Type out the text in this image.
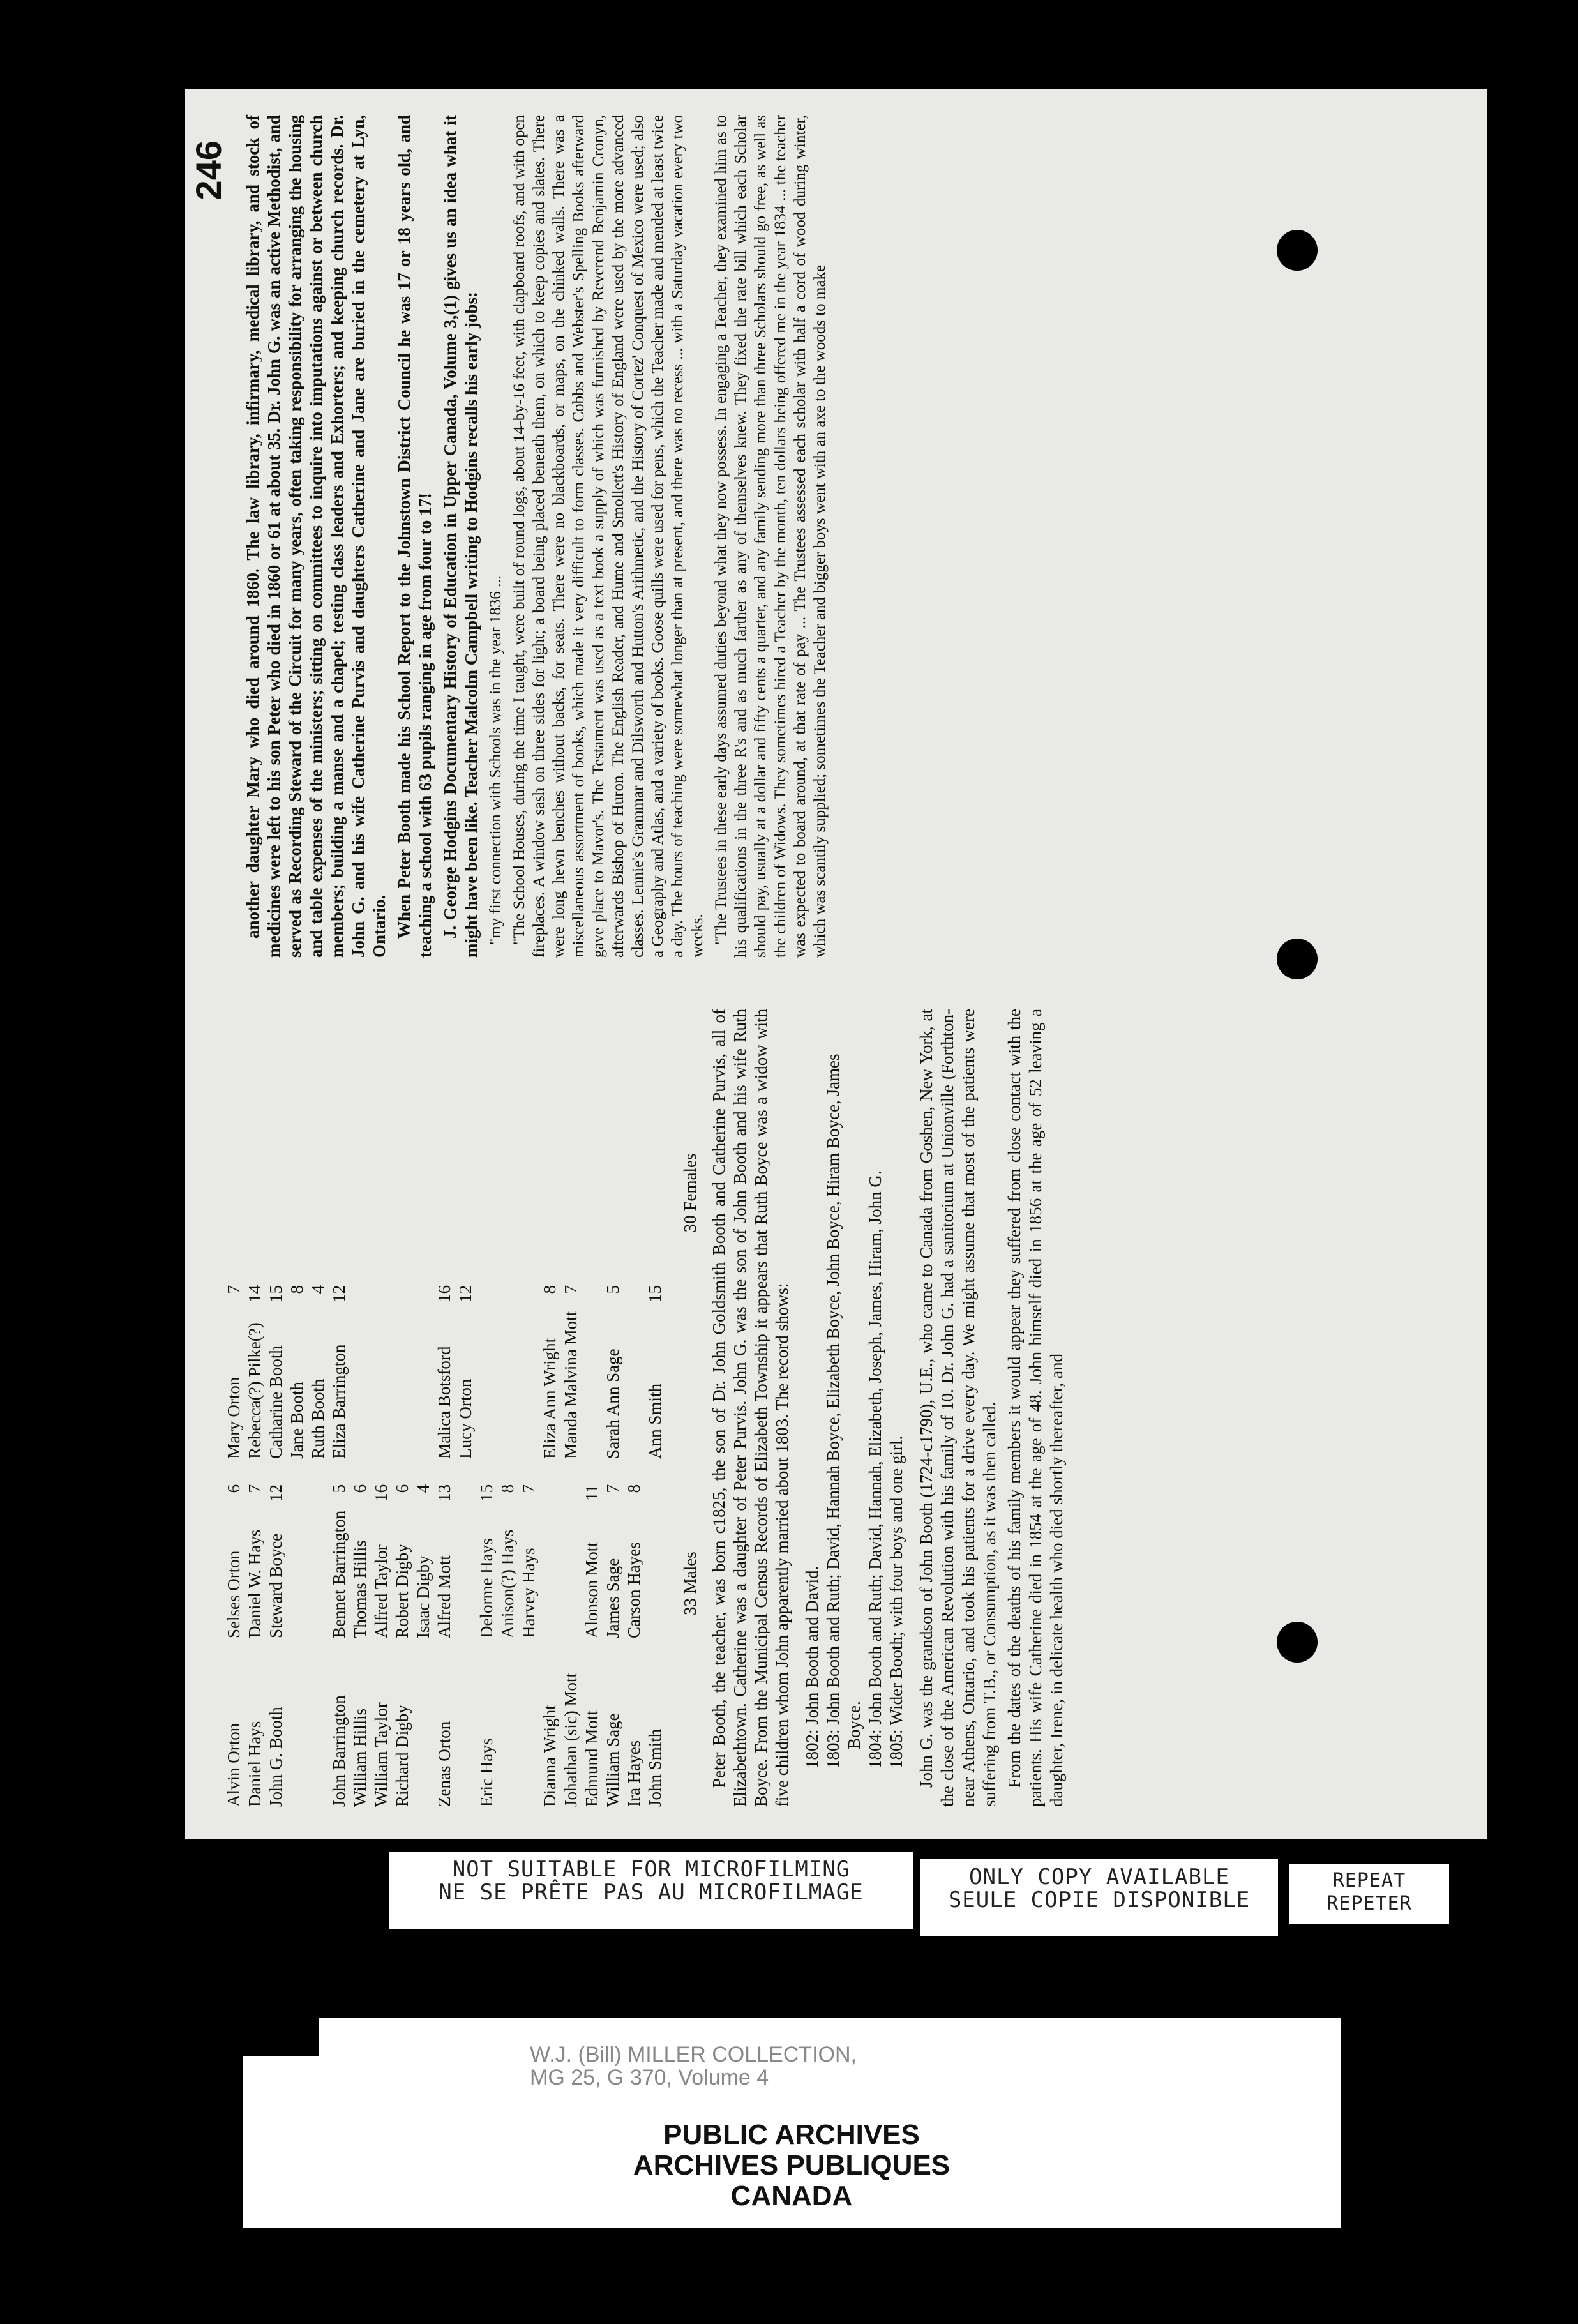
Alvin Orton		Selses Orton	6	Mary Orton	7
Daniel Hays		Daniel W. Hays	7	Rebecca(?) Pilke(?)	14
John G. Booth		Steward Boyce	12	Catharine Booth	15
				Jane Booth	8
				Ruth Booth	4
John Barrington		Bennet Barrington	5	Eliza Barrington	12
William Hillis		Thomas Hillis	6		
William Taylor		Alfred Taylor	16		
Richard Digby		Robert Digby	6		
		Isaac Digby	4		
Zenas Orton		Alfred Mott	13	Malica Botsford	16
				Lucy Orton	12
Eric Hays		Delorme Hays	15		
		Anison(?) Hays	8		
		Harvey Hays	7		
Dianna Wright				Eliza Ann Wright	8
Johathan (sic) Mott				Manda Malvina Mott	7
Edmund Mott		Alonson Mott	11		
William Sage		James Sage	7	Sarah Ann Sage	5
Ira Hayes		Carson Hayes	8		
John Smith				Ann Smith	15
33 Males
30 Females Peter Booth, the teacher, was born c1825, the son of Dr. John Goldsmith Booth and Catherine Purvis, all of Elizabethtown. Catherine was a daughter of Peter Purvis. John G. was the son of John Booth and his wife Ruth Boyce. From the Municipal Census Records of Elizabeth Township it appears that Ruth Boyce was a widow with five children whom John apparently married about 1803. The record shows: 1802: John Booth and David. 1803: John Booth and Ruth; David, Hannah Boyce, Elizabeth Boyce, John Boyce, Hiram Boyce, James Boyce. 1804: John Booth and Ruth; David, Hannah, Elizabeth, Joseph, James, Hiram, John G. 1805: Wider Booth; with four boys and one girl. John G. was the grandson of John Booth (1724-c1790), U.E., who came to Canada from Goshen, New York, at the close of the American Revolution with his family of 10. Dr. John G. had a sanitorium at Unionville (Forthton-near Athens, Ontario, and took his patients for a drive every day. We might assume that most of the patients were suffering from T.B., or Consumption, as it was then called. From the dates of the deaths of his family members it would appear they suffered from close contact with the patients. His wife Catherine died in 1854 at the age of 48. John himself died in 1856 at the age of 52 leaving a daughter, Irene, in delicate health who died shortly thereafter, and

246 another daughter Mary who died around 1860. The law library, infirmary, medical library, and stock of medicines were left to his son Peter who died in 1860 or 61 at about 35. Dr. John G. was an active Methodist, and served as Recording Steward of the Circuit for many years, often taking responsibility for arranging the housing and table expenses of the ministers; sitting on committees to inquire into imputations against or between church members; building a manse and a chapel; testing class leaders and Exhorters; and keeping church records. Dr. John G. and his wife Catherine Purvis and daughters Catherine and Jane are buried in the cemetery at Lyn, Ontario. When Peter Booth made his School Report to the Johnstown District Council he was 17 or 18 years old, and teaching a school with 63 pupils ranging in age from four to 17! J. George Hodgins Documentary History of Education in Upper Canada, Volume 3,(1) gives us an idea what it might have been like. Teacher Malcolm Campbell writing to Hodgins recalls his early jobs: "my first connection with Schools was in the year 1836 ... "The School Houses, during the time I taught, were built of round logs, about 14-by-16 feet, with clapboard roofs, and with open fireplaces. A window sash on three sides for light; a board being placed beneath them, on which to keep copies and slates. There were long hewn benches without backs, for seats. There were no blackboards, or maps, on the chinked walls. There was a miscellaneous assortment of books, which made it very difficult to form classes. Cobbs and Webster's Spelling Books afterward gave place to Mavor's. The Testament was used as a text book a supply of which was furnished by Reverend Benjamin Cronyn, afterwards Bishop of Huron. The English Reader, and Hume and Smollett's History of England were used by the more advanced classes. Lennie's Grammar and Dilsworth and Hutton's Arithmetic, and the History of Cortez' Conquest of Mexico were used; also a Geography and Atlas, and a variety of books. Goose quills were used for pens, which the Teacher made and mended at least twice a day. The hours of teaching were somewhat longer than at present, and there was no recess ... with a Saturday vacation every two weeks. "The Trustees in these early days assumed duties beyond what they now possess. In engaging a Teacher, they examined him as to his qualifications in the three R's and as much farther as any of themselves knew. They fixed the rate bill which each Scholar should pay, usually at a dollar and fifty cents a quarter, and any family sending more than three Scholars should go free, as well as the children of Widows. They sometimes hired a Teacher by the month, ten dollars being offered me in the year 1834 ... the teacher was expected to board around, at that rate of pay ... The Trustees assessed each scholar with half a cord of wood during winter, which was scantily supplied; sometimes the Teacher and bigger boys went with an axe to the woods to make

NOT SUITABLE FOR MICROFILMING
NE SE PRÊTE PAS AU MICROFILMAGE
ONLY COPY AVAILABLE
SEULE COPIE DISPONIBLE
REPEAT
REPETER
W.J. (Bill) MILLER COLLECTION,
MG 25, G 370, Volume 4
PUBLIC ARCHIVES
ARCHIVES PUBLIQUES
CANADA
